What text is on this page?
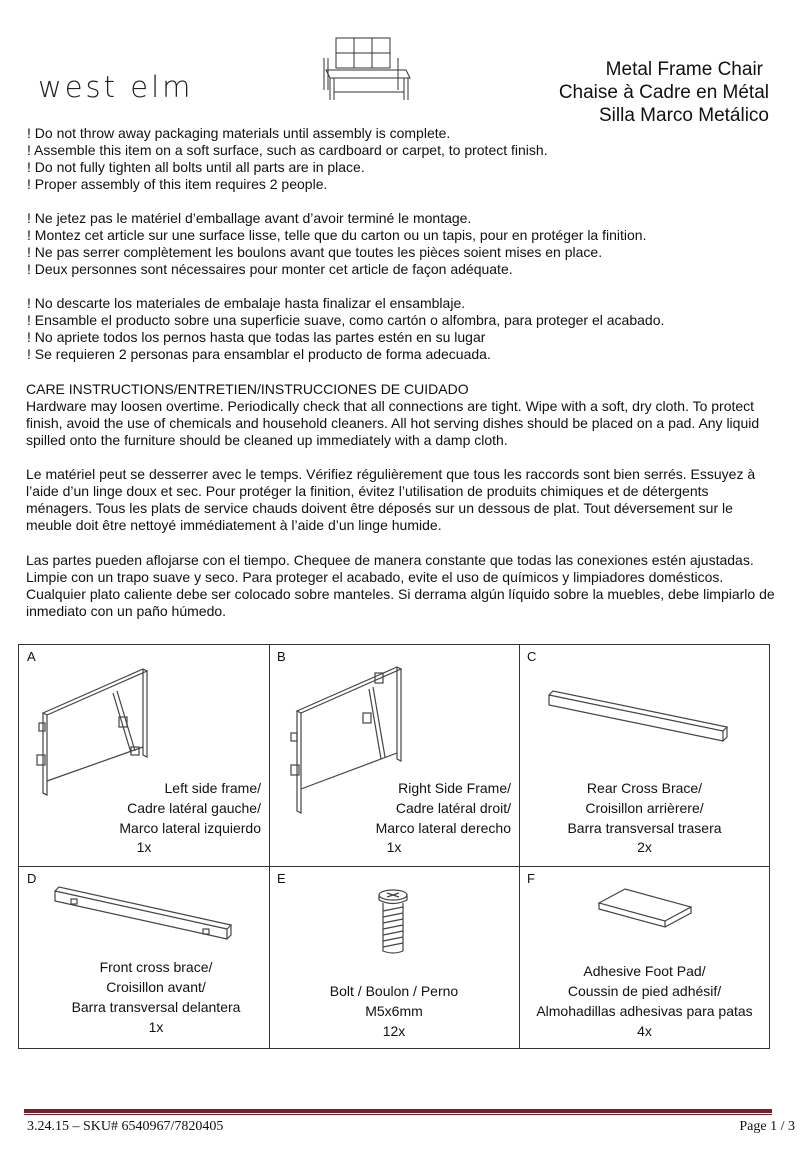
west elm
Metal Frame Chair
Chaise à Cadre en Métal
Silla Marco Metálico
! Do not throw away packaging materials until assembly is complete.
! Assemble this item on a soft surface, such as cardboard or carpet, to protect finish.
! Do not fully tighten all bolts until all parts are in place.
! Proper assembly of this item requires 2 people.
! Ne jetez pas le matériel d’emballage avant d’avoir terminé le montage.
! Montez cet article sur une surface lisse, telle que du carton ou un tapis, pour en protéger la finition.
! Ne pas serrer complètement les boulons avant que toutes les pièces soient mises en place.
! Deux personnes sont nécessaires pour monter cet article de façon adéquate.
! No descarte los materiales de embalaje hasta finalizar el ensamblaje.
! Ensamble el producto sobre una superficie suave, como cartón o alfombra, para proteger el acabado.
! No apriete todos los pernos hasta que todas las partes estén en su lugar
! Se requieren 2 personas para ensamblar el producto de forma adecuada.
CARE INSTRUCTIONS/ENTRETIEN/INSTRUCCIONES DE CUIDADO
Hardware may loosen overtime. Periodically check that all connections are tight. Wipe with a soft, dry cloth. To protect finish, avoid the use of chemicals and household cleaners. All hot serving dishes should be placed on a pad. Any liquid spilled onto the furniture should be cleaned up immediately with a damp cloth.
Le matériel peut se desserrer avec le temps. Vérifiez régulièrement que tous les raccords sont bien serrés. Essuyez à l’aide d’un linge doux et sec. Pour protéger la finition, évitez l’utilisation de produits chimiques et de détergents ménagers. Tous les plats de service chauds doivent être déposés sur un dessous de plat. Tout déversement sur le meuble doit être nettoyé immédiatement à l’aide d’un linge humide.
Las partes pueden aflojarse con el tiempo. Chequee de manera constante que todas las conexiones estén ajustadas. Limpie con un trapo suave y seco. Para proteger el acabado, evite el uso de químicos y limpiadores domésticos. Cualquier plato caliente debe ser colocado sobre manteles. Si derrama algún líquido sobre la muebles, debe limpiarlo de inmediato con un paño húmedo.
A
Left side frame/
Cadre latéral gauche/
Marco lateral izquierdo
1x
B
Right Side Frame/
Cadre latéral droit/
Marco lateral derecho
1x
C
Rear Cross Brace/
Croisillon arrièrere/
Barra transversal trasera
2x
D
Front cross brace/
Croisillon avant/
Barra transversal delantera
1x
E
Bolt / Boulon / Perno
M5x6mm
12x
F
Adhesive Foot Pad/
Coussin de pied adhésif/
Almohadillas adhesivas para patas
4x
3.24.15 – SKU# 6540967/7820405	Page 1 / 3
